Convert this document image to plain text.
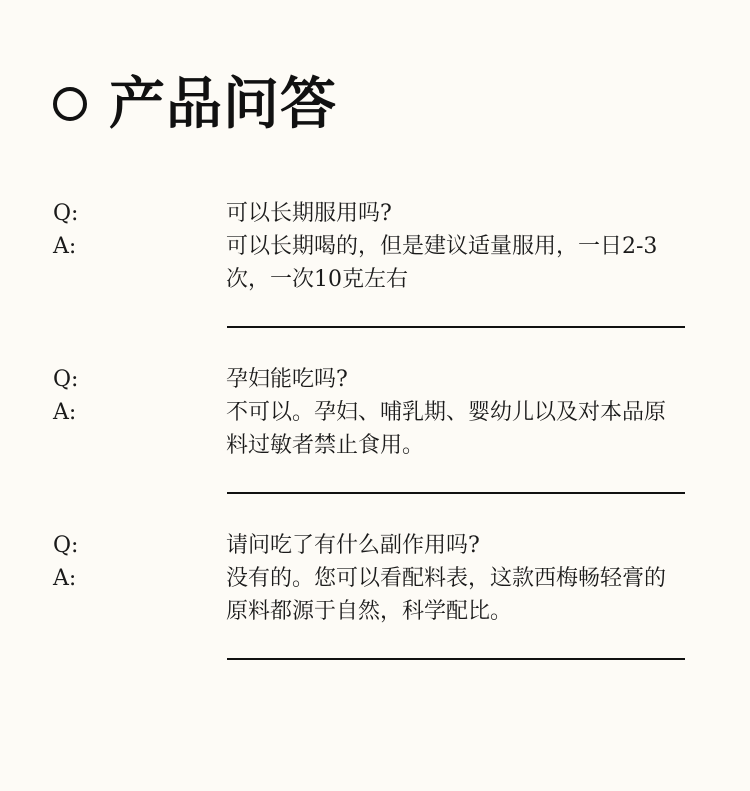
产品问答
Q:	可以长期服用吗?
A:	可以长期喝的，但是建议适量服用，一日2-3
次，一次10克左右
Q:	孕妇能吃吗?
A:	不可以。孕妇、哺乳期、婴幼儿以及对本品原
料过敏者禁止食用。
Q:	请问吃了有什么副作用吗?
A:	没有的。您可以看配料表，这款西梅畅轻膏的
原料都源于自然，科学配比。
